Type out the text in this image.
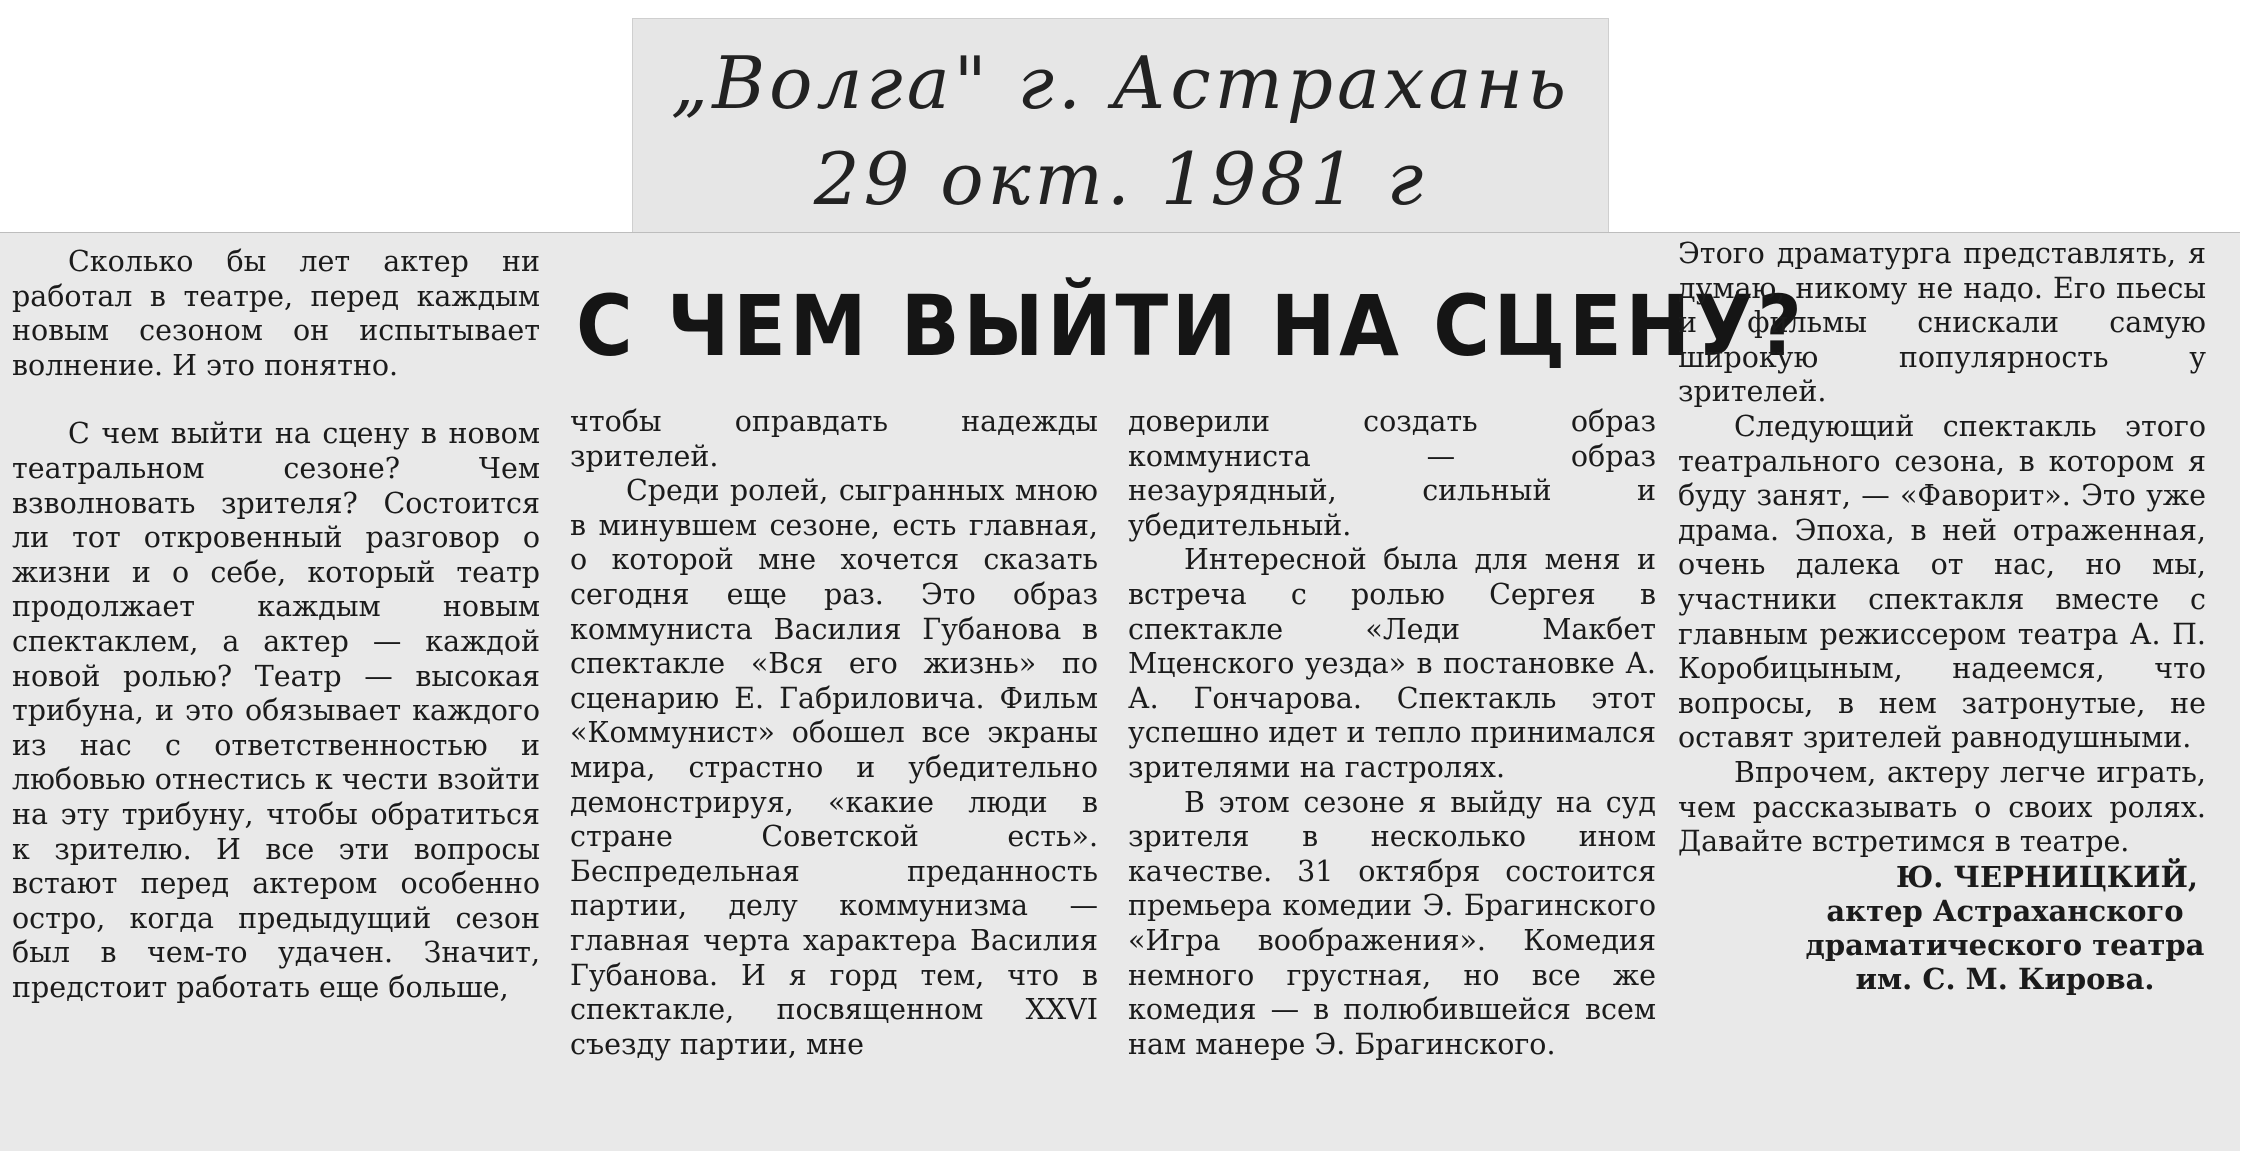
„Волга" г. Астрахань
29 окт. 1981 г
С ЧЕМ ВЫЙТИ НА СЦЕНУ?

Сколько бы лет актер ни работал в театре, перед каждым новым сезоном он испытывает волнение. И это понятно.

С чем выйти на сцену в новом театральном сезоне? Чем взволновать зрителя? Состоится ли тот откровенный разговор о жизни и о себе, который театр продолжает каждым новым спектаклем, а актер — каждой новой ролью? Театр — высокая трибуна, и это обязывает каждого из нас с ответственностью и любовью отнестись к чести взойти на эту трибуну, чтобы обратиться к зрителю. И все эти вопросы встают перед актером особенно остро, когда предыдущий сезон был в чем-то удачен. Значит, предстоит работать еще больше,

чтобы оправдать надежды зрителей.

Среди ролей, сыгранных мною в минувшем сезоне, есть главная, о которой мне хочется сказать сегодня еще раз. Это образ коммуниста Василия Губанова в спектакле «Вся его жизнь» по сценарию Е. Габриловича. Фильм «Коммунист» обошел все экраны мира, страстно и убедительно демонстрируя, «какие люди в стране Советской есть». Беспредельная преданность партии, делу коммунизма — главная черта характера Василия Губанова. И я горд тем, что в спектакле, посвященном XXVI съезду партии, мне

доверили создать образ коммуниста — образ незаурядный, сильный и убедительный.

Интересной была для меня и встреча с ролью Сергея в спектакле «Леди Макбет Мценского уезда» в постановке А. А. Гончарова. Спектакль этот успешно идет и тепло принимался зрителями на гастролях.

В этом сезоне я выйду на суд зрителя в несколько ином качестве. 31 октября состоится премьера комедии Э. Брагинского «Игра воображения». Комедия немного грустная, но все же комедия — в полюбившейся всем нам манере Э. Брагинского.

Этого драматурга представлять, я думаю, никому не надо. Его пьесы и фильмы снискали самую широкую популярность у зрителей.

Следующий спектакль этого театрального сезона, в котором я буду занят, — «Фаворит». Это уже драма. Эпоха, в ней отраженная, очень далека от нас, но мы, участники спектакля вместе с главным режиссером театра А. П. Коробицыным, надеемся, что вопросы, в нем затронутые, не оставят зрителей равнодушными.

Впрочем, актеру легче играть, чем рассказывать о своих ролях. Давайте встретимся в театре.

Ю. ЧЕРНИЦКИЙ,

актер Астраханского

драматического театра

им. С. М. Кирова.
